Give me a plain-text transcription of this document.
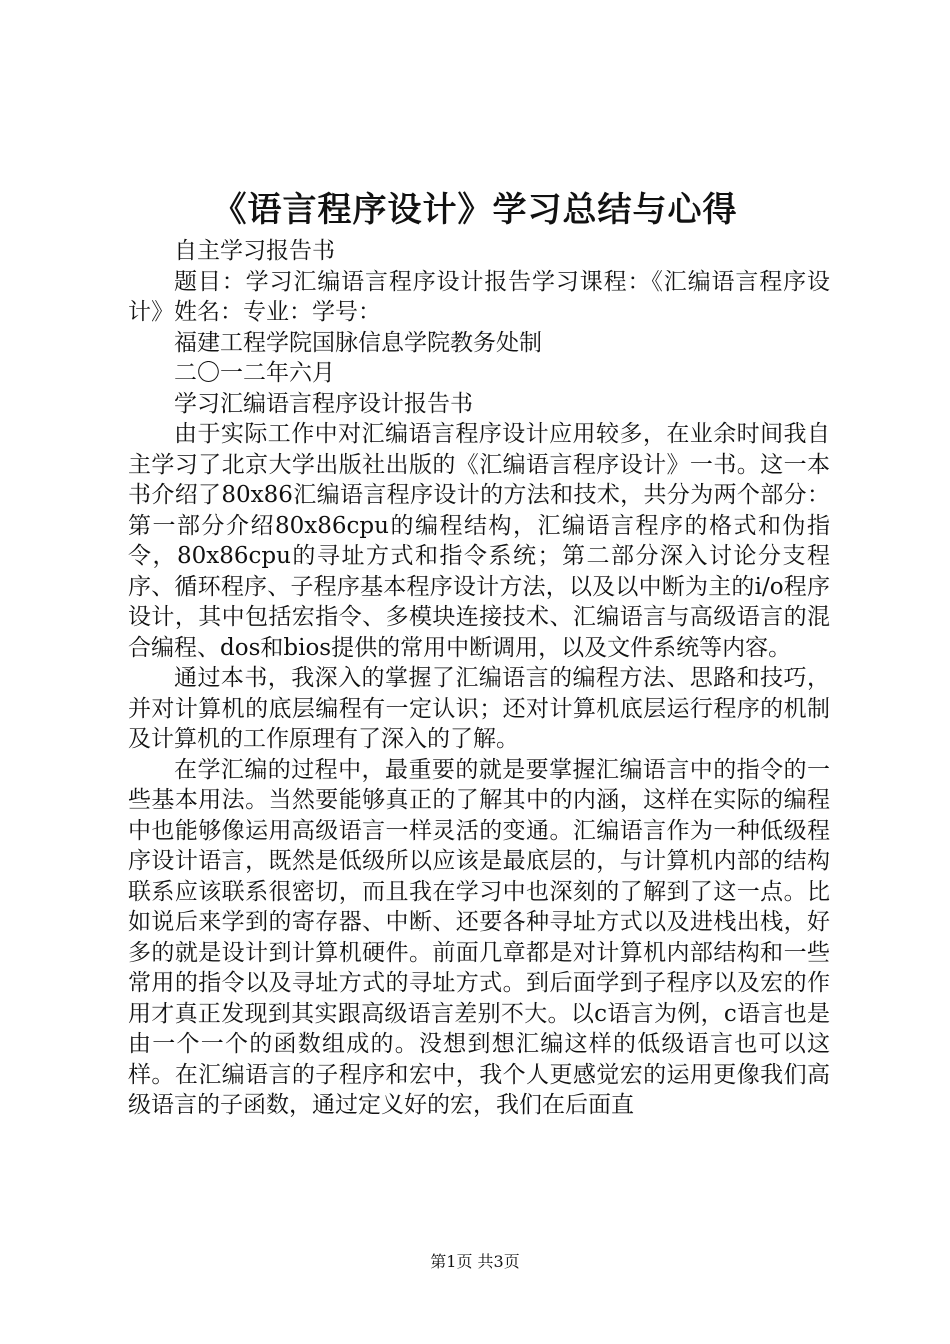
《语言程序设计》学习总结与心得

自主学习报告书

题目：学习汇编语言程序设计报告学习课程：《汇编语言程序设计》姓名：专业：学号：

福建工程学院国脉信息学院教务处制

二〇一二年六月

学习汇编语言程序设计报告书

由于实际工作中对汇编语言程序设计应用较多，在业余时间我自主学习了北京大学出版社出版的《汇编语言程序设计》一书。这一本书介绍了80x86汇编语言程序设计的方法和技术，共分为两个部分：第一部分介绍80x86cpu的编程结构，汇编语言程序的格式和伪指令，80x86cpu的寻址方式和指令系统；第二部分深入讨论分支程序、循环程序、子程序基本程序设计方法，以及以中断为主的i/o程序设计，其中包括宏指令、多模块连接技术、汇编语言与高级语言的混合编程、dos和bios提供的常用中断调用，以及文件系统等内容。

通过本书，我深入的掌握了汇编语言的编程方法、思路和技巧，并对计算机的底层编程有一定认识；还对计算机底层运行程序的机制及计算机的工作原理有了深入的了解。

在学汇编的过程中，最重要的就是要掌握汇编语言中的指令的一些基本用法。当然要能够真正的了解其中的内涵，这样在实际的编程中也能够像运用高级语言一样灵活的变通。汇编语言作为一种低级程序设计语言，既然是低级所以应该是最底层的，与计算机内部的结构联系应该联系很密切，而且我在学习中也深刻的了解到了这一点。比如说后来学到的寄存器、中断、还要各种寻址方式以及进栈出栈，好多的就是设计到计算机硬件。前面几章都是对计算机内部结构和一些常用的指令以及寻址方式的寻址方式。到后面学到子程序以及宏的作用才真正发现到其实跟高级语言差别不大。以c语言为例，c语言也是由一个一个的函数组成的。没想到想汇编这样的低级语言也可以这样。在汇编语言的子程序和宏中，我个人更感觉宏的运用更像我们高级语言的子函数，通过定义好的宏，我们在后面直

第1页 共3页
